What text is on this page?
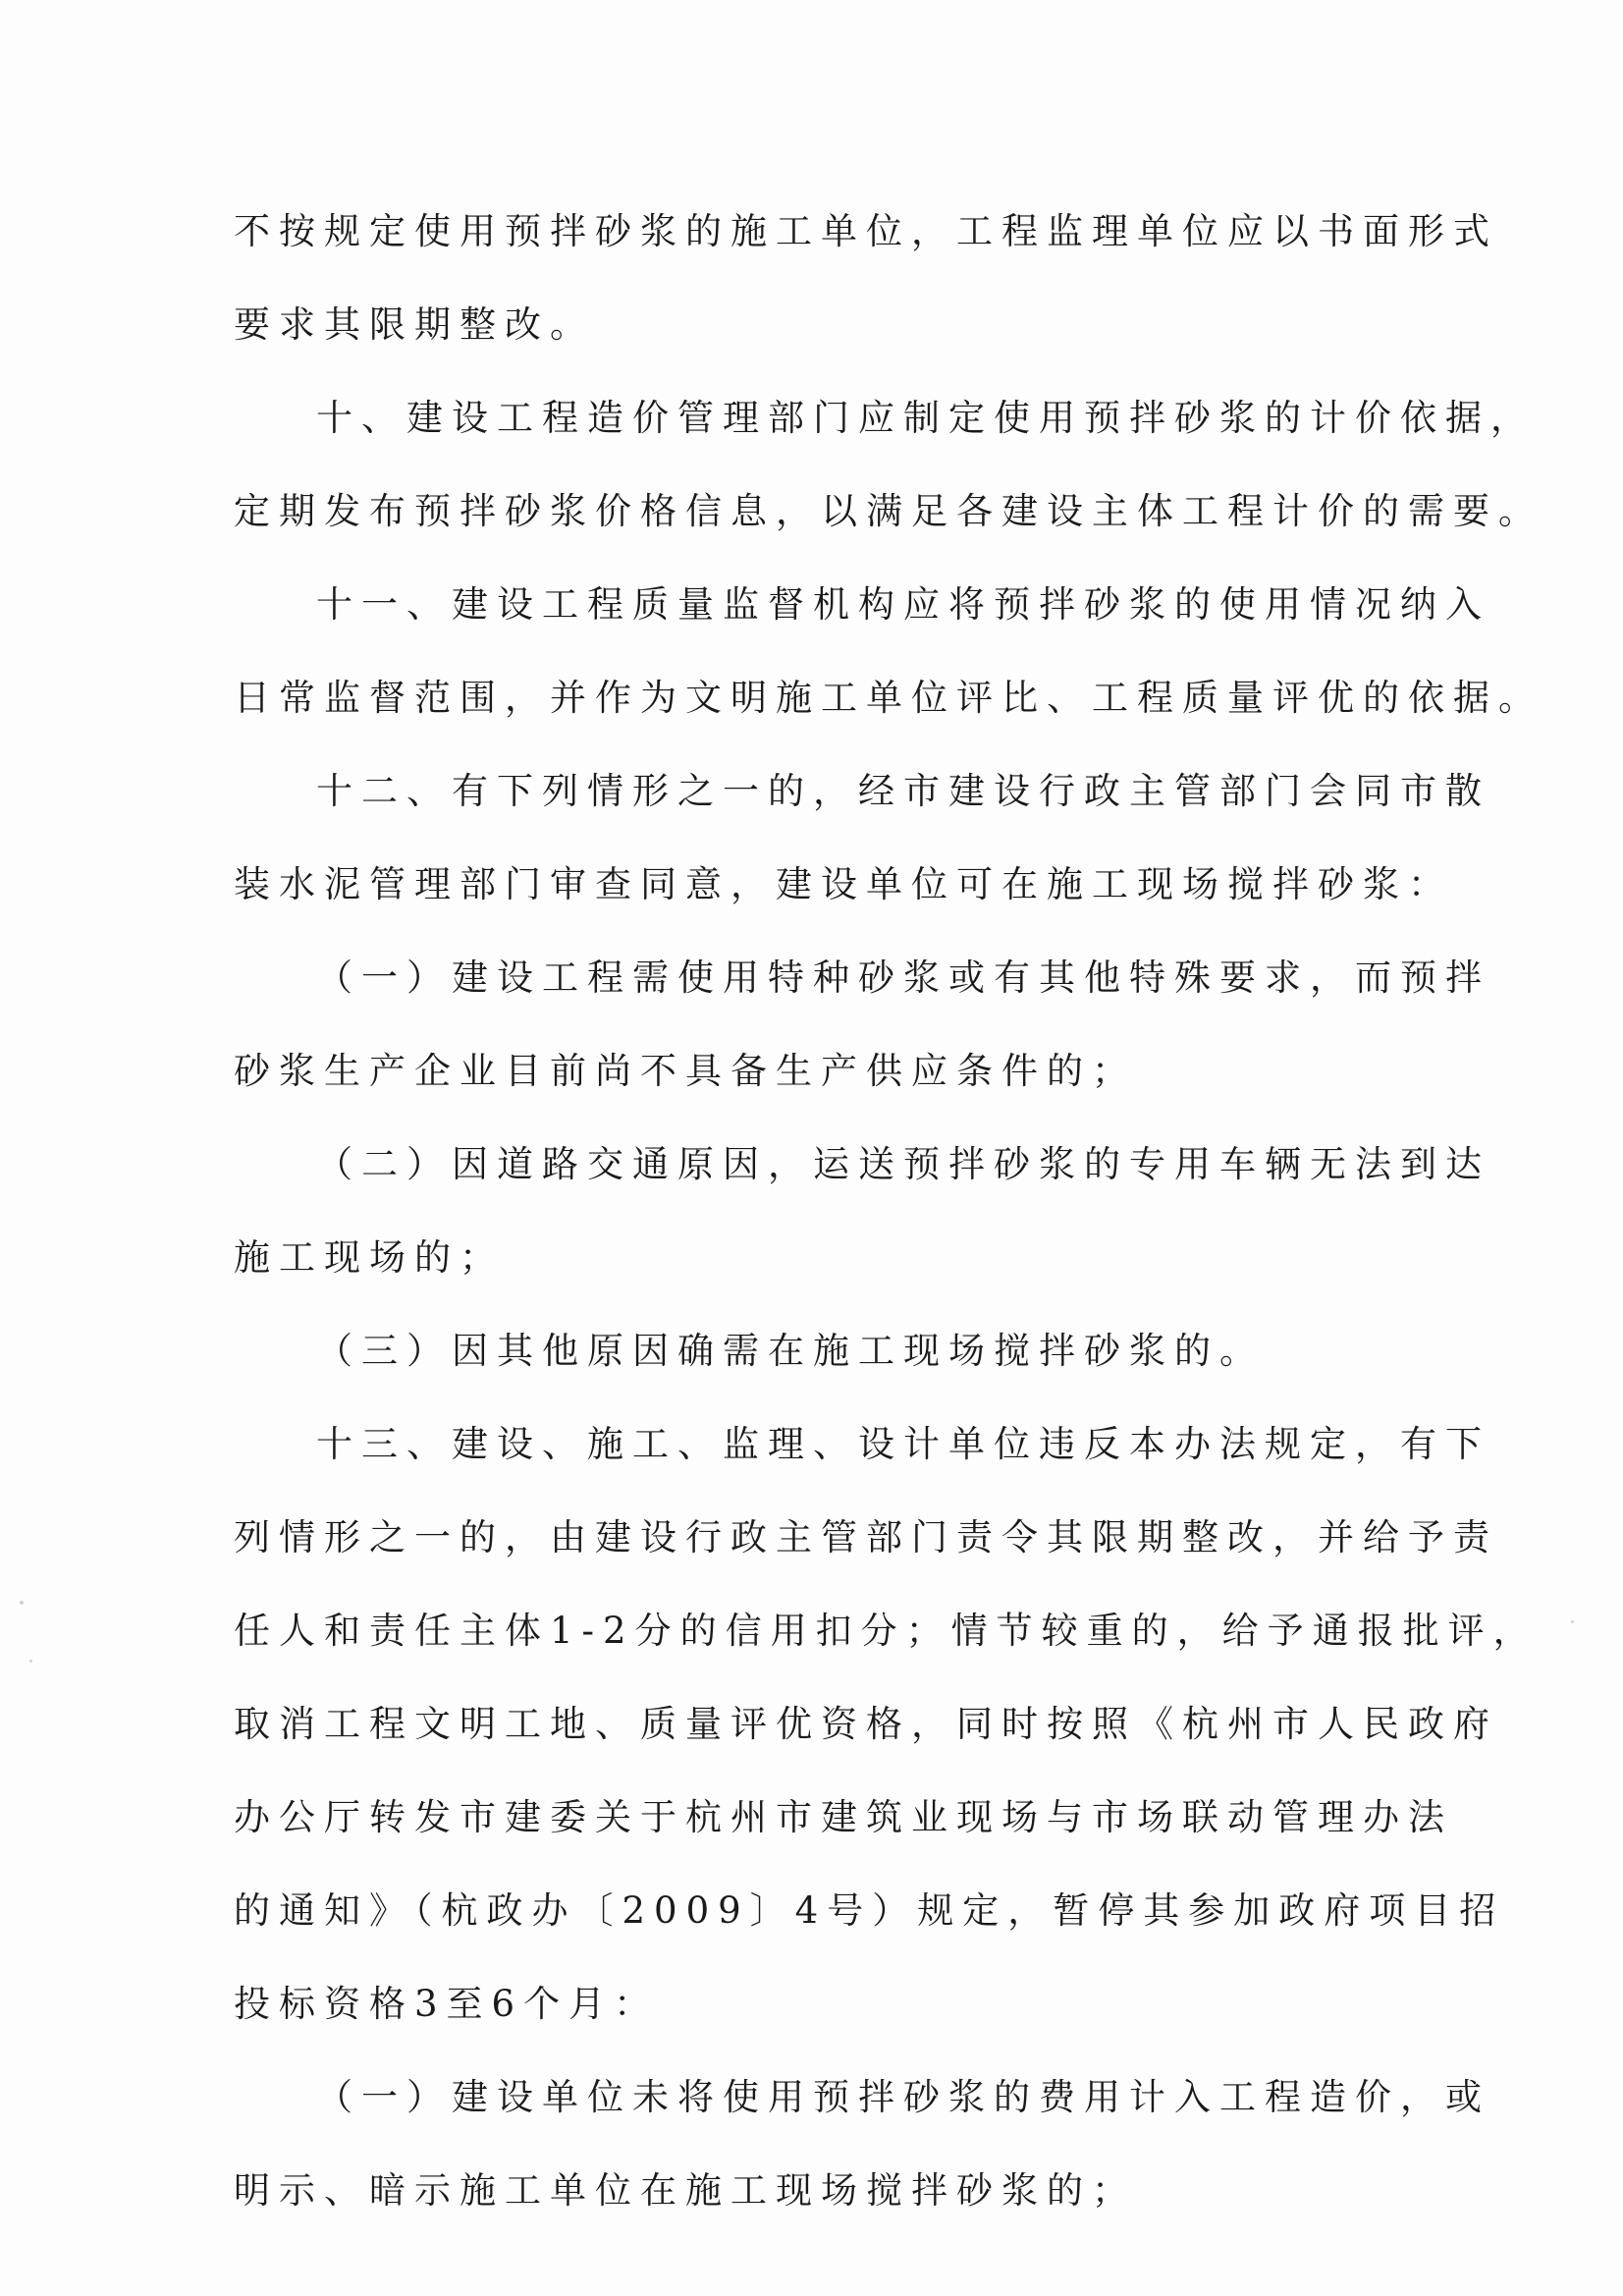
不按规定使用预拌砂浆的施工单位，工程监理单位应以书面形式
要求其限期整改。
十、建设工程造价管理部门应制定使用预拌砂浆的计价依据，
定期发布预拌砂浆价格信息，以满足各建设主体工程计价的需要。
十一、建设工程质量监督机构应将预拌砂浆的使用情况纳入
日常监督范围，并作为文明施工单位评比、工程质量评优的依据。
十二、有下列情形之一的，经市建设行政主管部门会同市散
装水泥管理部门审查同意，建设单位可在施工现场搅拌砂浆：
（一）建设工程需使用特种砂浆或有其他特殊要求，而预拌
砂浆生产企业目前尚不具备生产供应条件的；
（二）因道路交通原因，运送预拌砂浆的专用车辆无法到达
施工现场的；
（三）因其他原因确需在施工现场搅拌砂浆的。
十三、建设、施工、监理、设计单位违反本办法规定，有下
列情形之一的，由建设行政主管部门责令其限期整改，并给予责
任人和责任主体1-2分的信用扣分；情节较重的，给予通报批评，
取消工程文明工地、质量评优资格，同时按照《杭州市人民政府
办公厅转发市建委关于杭州市建筑业现场与市场联动管理办法
的通知》（杭政办〔2009〕4号）规定，暂停其参加政府项目招
投标资格3至6个月：
（一）建设单位未将使用预拌砂浆的费用计入工程造价，或
明示、暗示施工单位在施工现场搅拌砂浆的；
